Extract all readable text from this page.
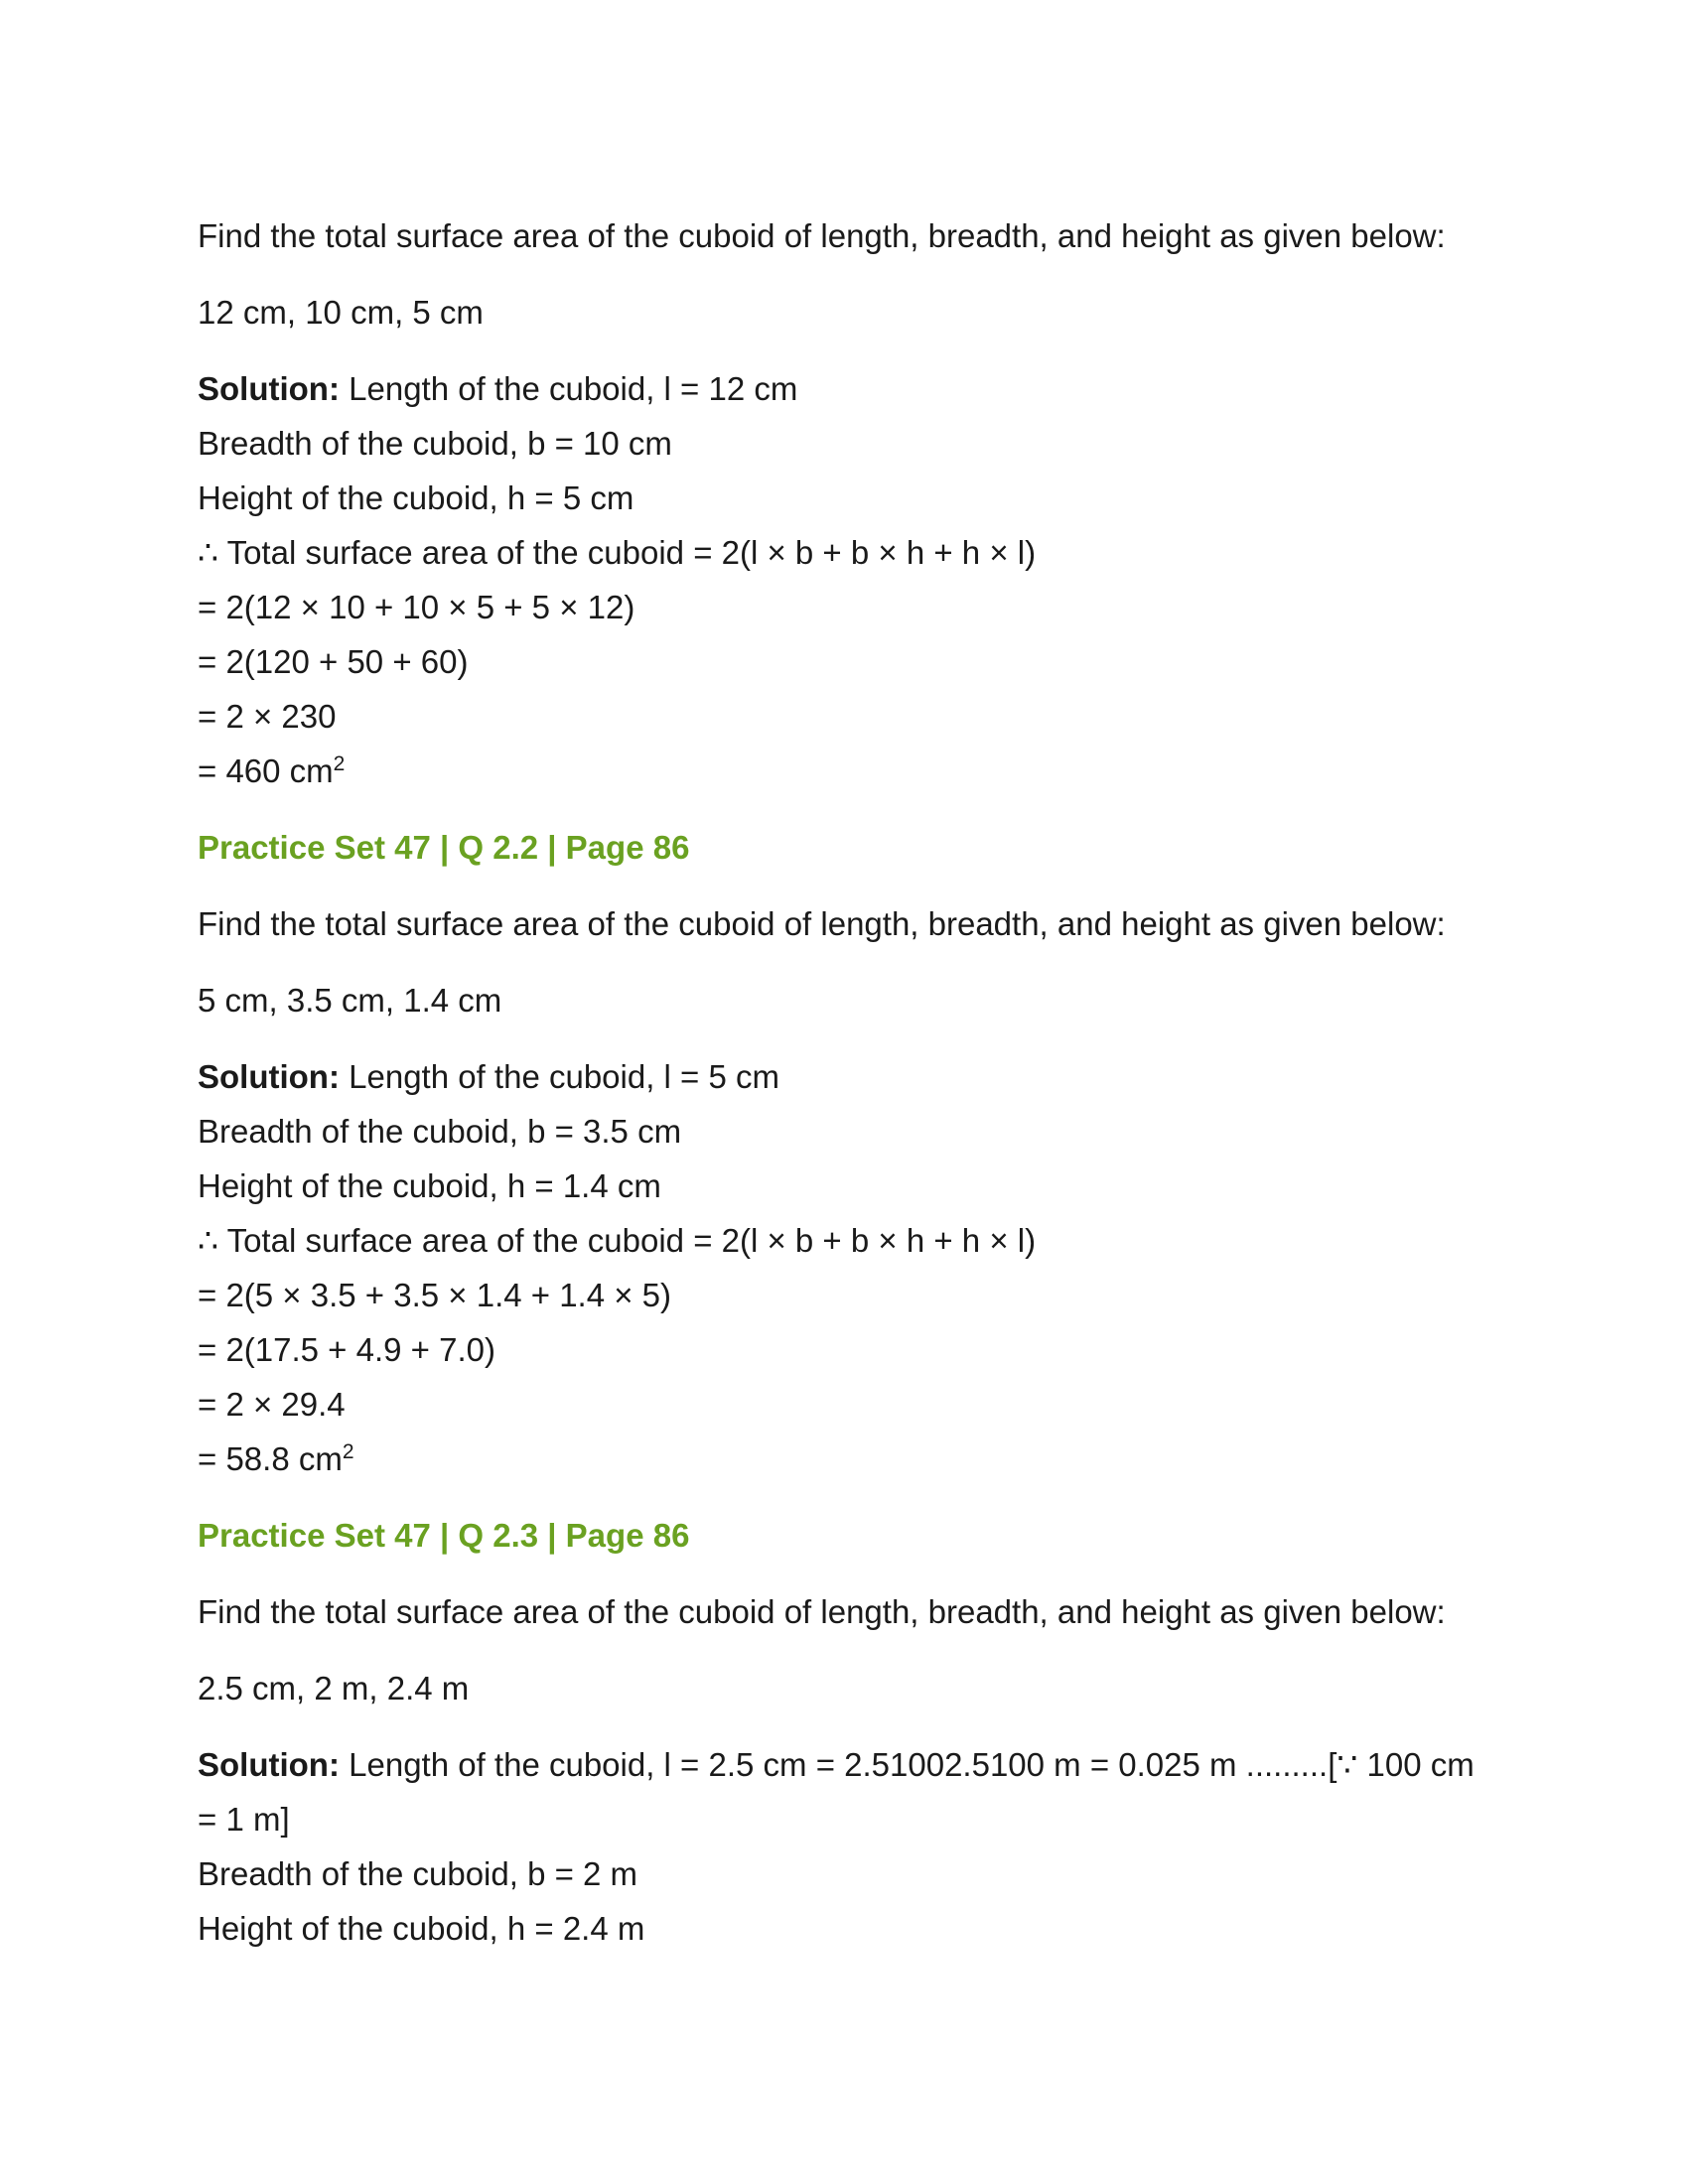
Find the total surface area of the cuboid of length, breadth, and height as given below:

12 cm, 10 cm, 5 cm

Solution: Length of the cuboid, l = 12 cm

Breadth of the cuboid, b = 10 cm

Height of the cuboid, h = 5 cm

∴ Total surface area of the cuboid = 2(l × b + b × h + h × l)

= 2(12 × 10 + 10 × 5 + 5 × 12)

= 2(120 + 50 + 60)

= 2 × 230

= 460 $cm^2$

Practice Set 47 | Q 2.2 | Page 86

Find the total surface area of the cuboid of length, breadth, and height as given below:

5 cm, 3.5 cm, 1.4 cm

Solution: Length of the cuboid, l = 5 cm

Breadth of the cuboid, b = 3.5 cm

Height of the cuboid, h = 1.4 cm

∴ Total surface area of the cuboid = 2(l × b + b × h + h × l)

= 2(5 × 3.5 + 3.5 × 1.4 + 1.4 × 5)

= 2(17.5 + 4.9 + 7.0)

= 2 × 29.4

= 58.8 $cm^2$

Practice Set 47 | Q 2.3 | Page 86

Find the total surface area of the cuboid of length, breadth, and height as given below:

2.5 cm, 2 m, 2.4 m

Solution: Length of the cuboid, l = 2.5 cm = 2.51002.5100 m = 0.025 m .........[∵ 100 cm

= 1 m]

Breadth of the cuboid, b = 2 m

Height of the cuboid, h = 2.4 m
